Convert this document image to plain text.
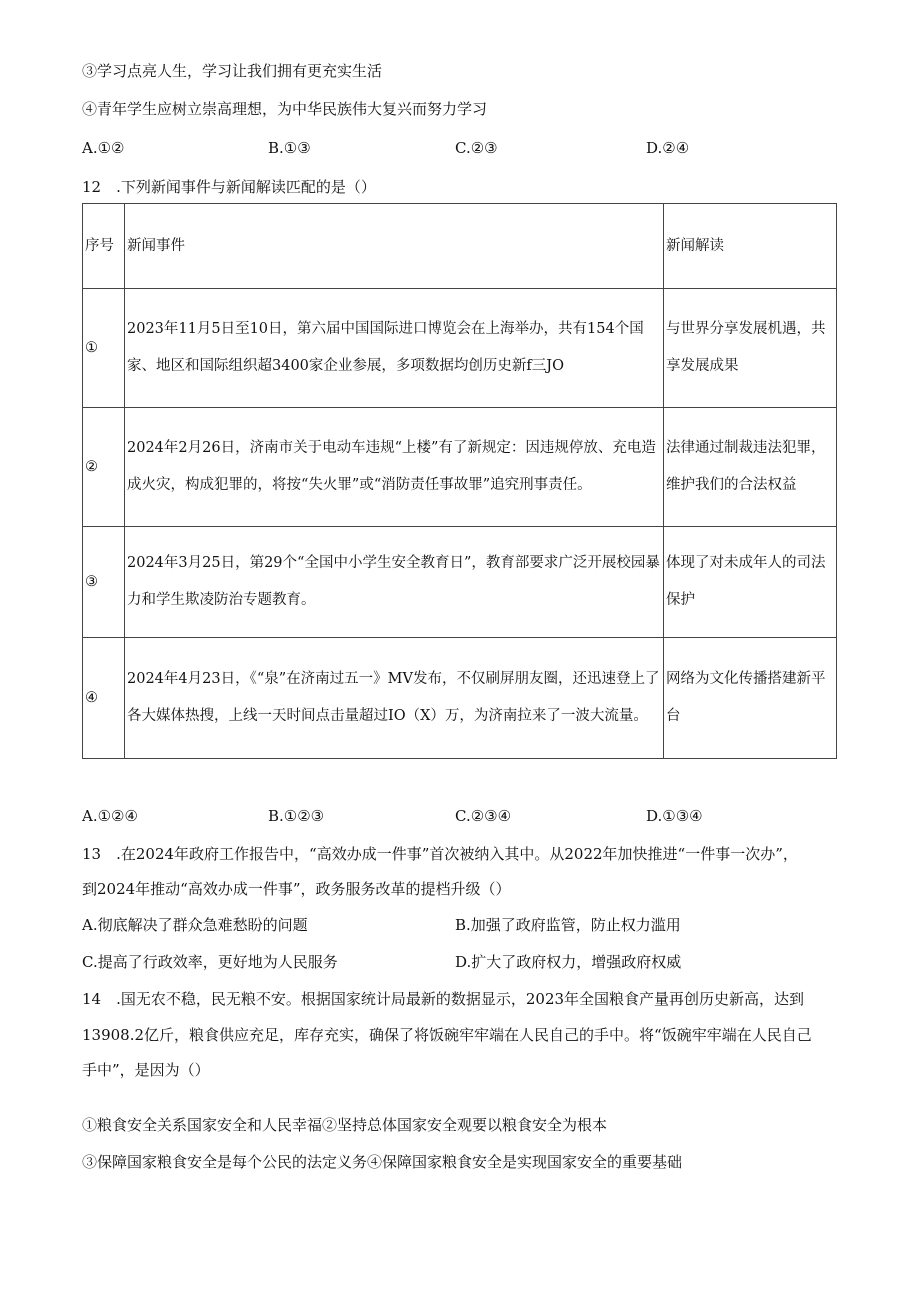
③学习点亮人生，学习让我们拥有更充实生活
④青年学生应树立崇高理想，为中华民族伟大复兴而努力学习
A.①②	B.①③	C.②③	D.②④
12　.下列新闻事件与新闻解读匹配的是（）
序号	新闻事件	新闻解读
①	2023年11月5日至10日，第六届中国国际进口博览会在上海举办，共有154个国家、地区和国际组织超3400家企业参展，多项数据均创历史新f三JO	与世界分享发展机遇，共享发展成果
②	2024年2月26日，济南市关于电动车违规“上楼”有了新规定：因违规停放、充电造成火灾，构成犯罪的，将按“失火罪”或“消防责任事故罪”追究刑事责任。	法律通过制裁违法犯罪，维护我们的合法权益
③	2024年3月25日，第29个“全国中小学生安全教育日”，教育部要求广泛开展校园暴力和学生欺凌防治专题教育。	体现了对未成年人的司法保护
④	2024年4月23日，《“泉”在济南过五一》MV发布，不仅刷屏朋友圈，还迅速登上了各大媒体热搜，上线一天时间点击量超过IO（X）万，为济南拉来了一波大流量。	网络为文化传播搭建新平台
A.①②④	B.①②③	C.②③④	D.①③④
13　.在2024年政府工作报告中，“高效办成一件事”首次被纳入其中。从2022年加快推进“一件事一次办”，
到2024年推动“高效办成一件事”，政务服务改革的提档升级（）
A.彻底解决了群众急难愁盼的问题	B.加强了政府监管，防止权力滥用
C.提高了行政效率，更好地为人民服务	D.扩大了政府权力，增强政府权威
14　.国无农不稳，民无粮不安。根据国家统计局最新的数据显示，2023年全国粮食产量再创历史新高，达到
13908.2亿斤，粮食供应充足，库存充实，确保了将饭碗牢牢端在人民自己的手中。将“饭碗牢牢端在人民自己
手中”，是因为（）
①粮食安全关系国家安全和人民幸福②坚持总体国家安全观要以粮食安全为根本
③保障国家粮食安全是每个公民的法定义务④保障国家粮食安全是实现国家安全的重要基础
